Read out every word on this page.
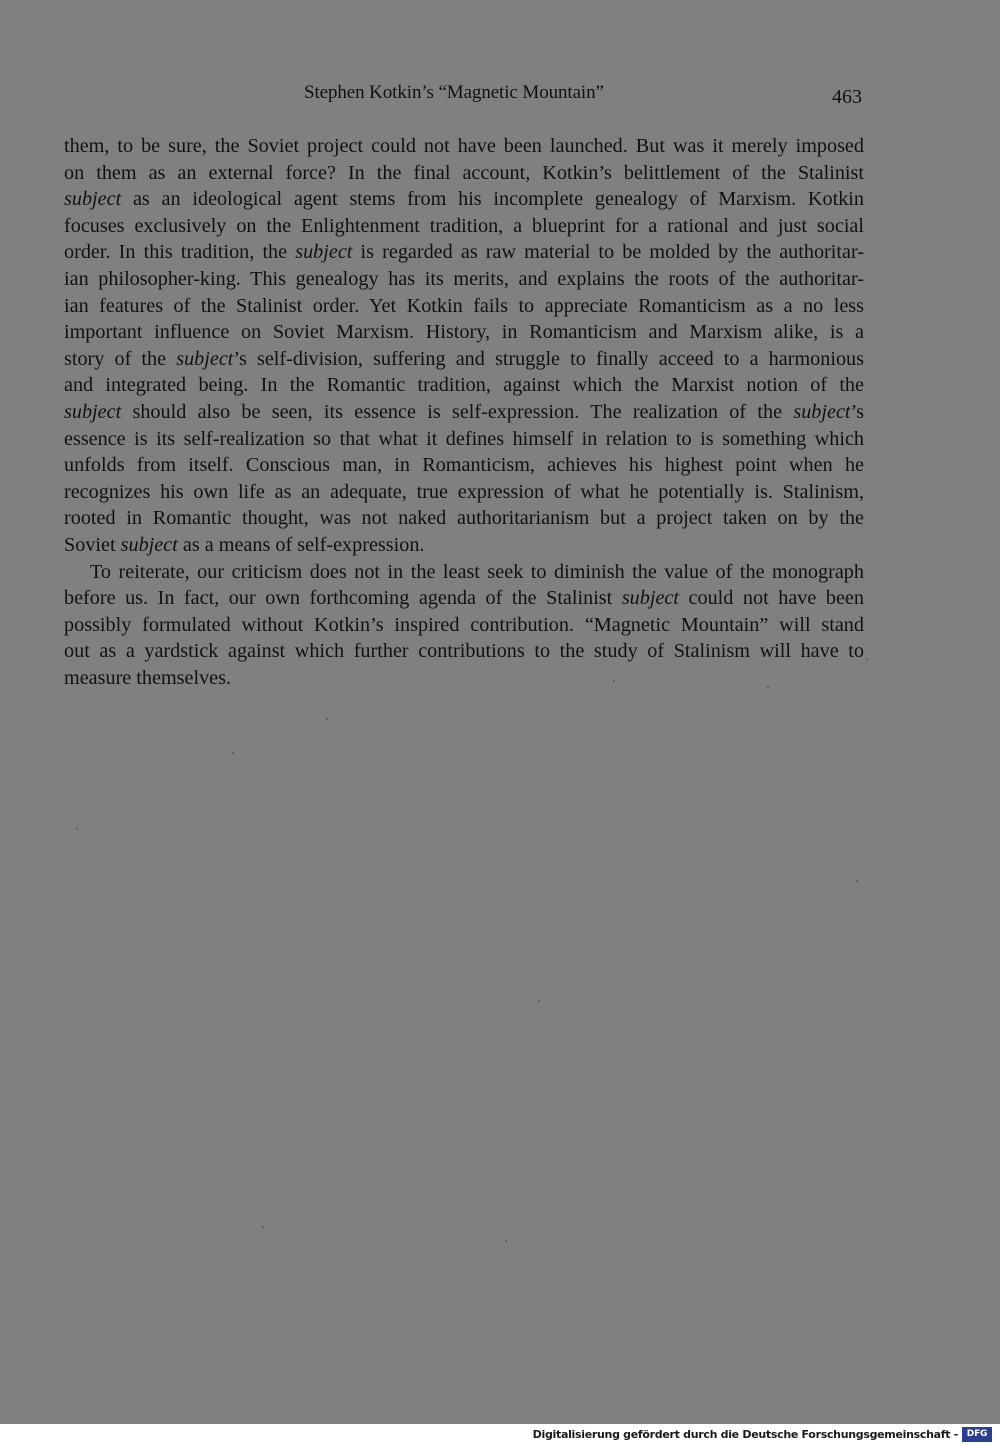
Stephen Kotkin’s “Magnetic Mountain”	463
them, to be sure, the Soviet project could not have been launched. But was it merely imposed
on them as an external force? In the final account, Kotkin’s belittlement of the Stalinist
subject as an ideological agent stems from his incomplete genealogy of Marxism. Kotkin
focuses exclusively on the Enlightenment tradition, a blueprint for a rational and just social
order. In this tradition, the subject is regarded as raw material to be molded by the authoritar-
ian philosopher-king. This genealogy has its merits, and explains the roots of the authoritar-
ian features of the Stalinist order. Yet Kotkin fails to appreciate Romanticism as a no less
important influence on Soviet Marxism. History, in Romanticism and Marxism alike, is a
story of the subject’s self-division, suffering and struggle to finally acceed to a harmonious
and integrated being. In the Romantic tradition, against which the Marxist notion of the
subject should also be seen, its essence is self-expression. The realization of the subject’s
essence is its self-realization so that what it defines himself in relation to is something which
unfolds from itself. Conscious man, in Romanticism, achieves his highest point when he
recognizes his own life as an adequate, true expression of what he potentially is. Stalinism,
rooted in Romantic thought, was not naked authoritarianism but a project taken on by the
Soviet subject as a means of self-expression.
To reiterate, our criticism does not in the least seek to diminish the value of the monograph
before us. In fact, our own forthcoming agenda of the Stalinist subject could not have been
possibly formulated without Kotkin’s inspired contribution. “Magnetic Mountain” will stand
out as a yardstick against which further contributions to the study of Stalinism will have to
measure themselves.
Digitalisierung gefördert durch die Deutsche Forschungsgemeinschaft - DFG
